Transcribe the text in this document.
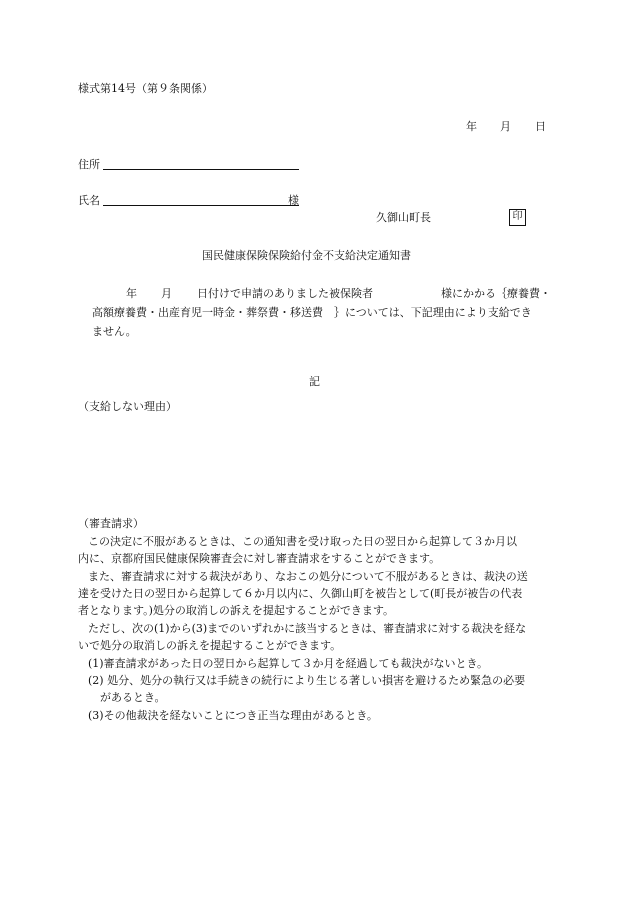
様式第14号（第９条関係）
年 月 日
住所
氏名	様
久御山町長	印
国民健康保険保険給付金不支給決定通知書
年 月 日付けで申請のありました被保険者	様にかかる｛療養費・
高額療養費・出産育児一時金・葬祭費・移送費　｝については、下記理由により支給でき
ません。
記
（支給しない理由）
（審査請求）
この決定に不服があるときは、この通知書を受け取った日の翌日から起算して３か月以
内に、京都府国民健康保険審査会に対し審査請求をすることができます。
また、審査請求に対する裁決があり、なおこの処分について不服があるときは、裁決の送
達を受けた日の翌日から起算して６か月以内に、久御山町を被告として(町長が被告の代表
者となります。)処分の取消しの訴えを提起することができます。
ただし、次の(1)から(3)までのいずれかに該当するときは、審査請求に対する裁決を経な
いで処分の取消しの訴えを提起することができます。
(1)審査請求があった日の翌日から起算して３か月を経過しても裁決がないとき。
(2) 処分、処分の執行又は手続きの続行により生じる著しい損害を避けるため緊急の必要
があるとき。
(3)その他裁決を経ないことにつき正当な理由があるとき。
